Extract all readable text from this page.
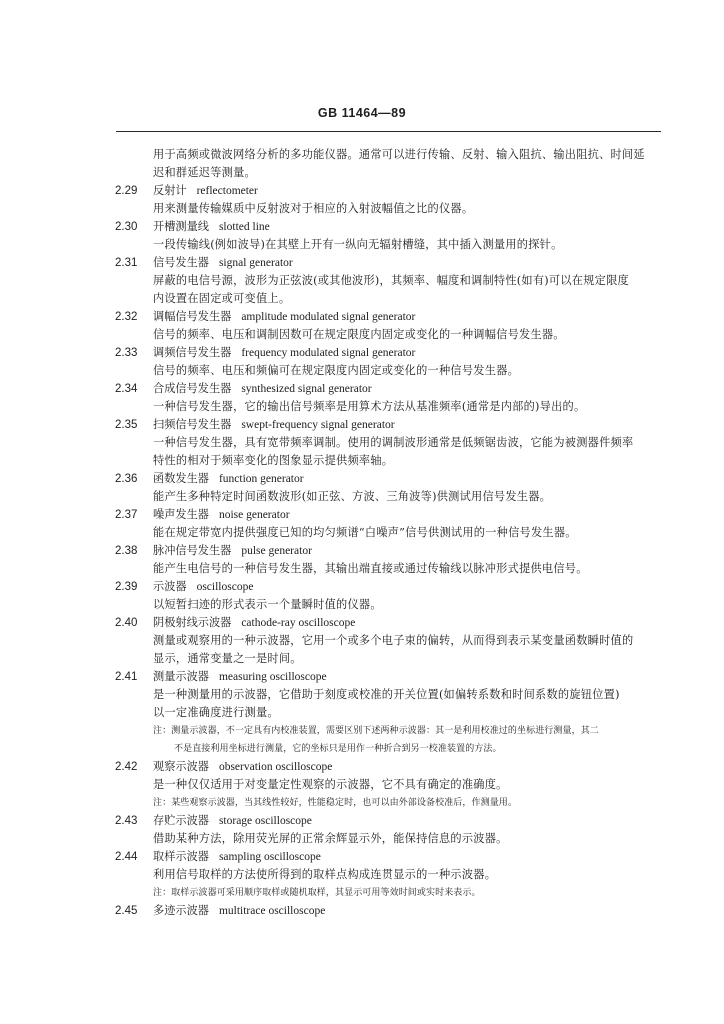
GB 11464—89
用于高频或微波网络分析的多功能仪器。通常可以进行传输、反射、输入阻抗、输出阻抗、时间延
迟和群延迟等测量。
2.29 反射计 reflectometer
用来测量传输媒质中反射波对于相应的入射波幅值之比的仪器。
2.30 开槽测量线 slotted line
一段传输线(例如波导)在其壁上开有一纵向无辐射槽缝，其中插入测量用的探针。
2.31 信号发生器 signal generator
屏蔽的电信号源，波形为正弦波(或其他波形)，其频率、幅度和调制特性(如有)可以在规定限度
内设置在固定或可变值上。
2.32 调幅信号发生器 amplitude modulated signal generator
信号的频率、电压和调制因数可在规定限度内固定或变化的一种调幅信号发生器。
2.33 调频信号发生器 frequency modulated signal generator
信号的频率、电压和频偏可在规定限度内固定或变化的一种信号发生器。
2.34 合成信号发生器 synthesized signal generator
一种信号发生器，它的输出信号频率是用算术方法从基准频率(通常是内部的)导出的。
2.35 扫频信号发生器 swept-frequency signal generator
一种信号发生器，具有宽带频率调制。使用的调制波形通常是低频锯齿波，它能为被测器件频率
特性的相对于频率变化的图象显示提供频率轴。
2.36 函数发生器 function generator
能产生多种特定时间函数波形(如正弦、方波、三角波等)供测试用信号发生器。
2.37 噪声发生器 noise generator
能在规定带宽内提供强度已知的均匀频谱“白噪声”信号供测试用的一种信号发生器。
2.38 脉冲信号发生器 pulse generator
能产生电信号的一种信号发生器，其输出端直接或通过传输线以脉冲形式提供电信号。
2.39 示波器 oscilloscope
以短暂扫迹的形式表示一个量瞬时值的仪器。
2.40 阴极射线示波器 cathode-ray oscilloscope
测量或观察用的一种示波器，它用一个或多个电子束的偏转，从而得到表示某变量函数瞬时值的
显示，通常变量之一是时间。
2.41 测量示波器 measuring oscilloscope
是一种测量用的示波器，它借助于刻度或校准的开关位置(如偏转系数和时间系数的旋钮位置)
以一定准确度进行测量。
注：测量示波器，不一定具有内校准装置，需要区别下述两种示波器：其一是利用校准过的坐标进行测量，其二
不是直接利用坐标进行测量，它的坐标只是用作一种折合到另一校准装置的方法。
2.42 观察示波器 observation oscilloscope
是一种仅仅适用于对变量定性观察的示波器，它不具有确定的准确度。
注：某些观察示波器，当其线性较好，性能稳定时，也可以由外部设备校准后，作测量用。
2.43 存贮示波器 storage oscilloscope
借助某种方法，除用荧光屏的正常余辉显示外，能保持信息的示波器。
2.44 取样示波器 sampling oscilloscope
利用信号取样的方法使所得到的取样点构成连贯显示的一种示波器。
注：取样示波器可采用顺序取样或随机取样，其显示可用等效时间或实时来表示。
2.45 多迹示波器 multitrace oscilloscope
